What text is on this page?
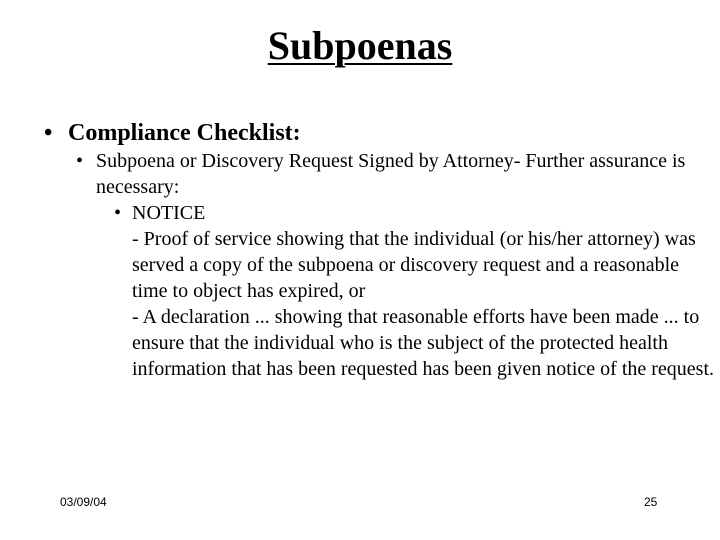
Subpoenas
• Compliance Checklist:
• Subpoena or Discovery Request Signed by Attorney- Further assurance is necessary:
• NOTICE

- Proof of service showing that the individual (or his/her attorney) was served a copy of the subpoena or discovery request and a reasonable time to object has expired, or

- A declaration ... showing that reasonable efforts have been made ... to ensure that the individual who is the subject of the protected health information that has been requested has been given notice of the request.

03/09/04	25
